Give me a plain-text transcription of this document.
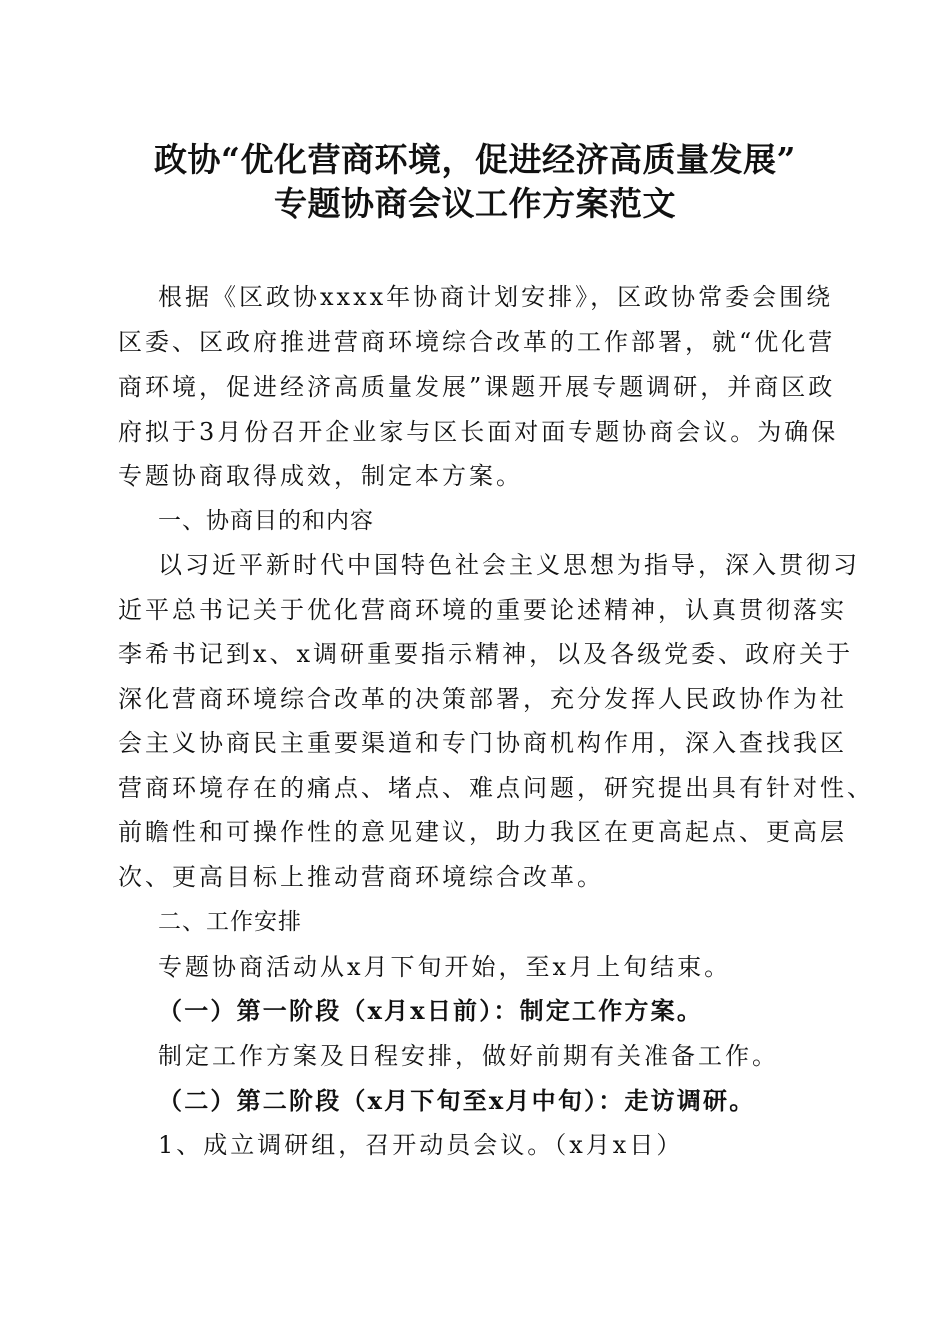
政协“优化营商环境，促进经济高质量发展”
专题协商会议工作方案范文
根据《区政协xxxx年协商计划安排》，区政协常委会围绕
区委、区政府推进营商环境综合改革的工作部署，就“优化营
商环境，促进经济高质量发展”课题开展专题调研，并商区政
府拟于3月份召开企业家与区长面对面专题协商会议。为确保
专题协商取得成效，制定本方案。
一、协商目的和内容
以习近平新时代中国特色社会主义思想为指导，深入贯彻习
近平总书记关于优化营商环境的重要论述精神，认真贯彻落实
李希书记到x、x调研重要指示精神，以及各级党委、政府关于
深化营商环境综合改革的决策部署，充分发挥人民政协作为社
会主义协商民主重要渠道和专门协商机构作用，深入查找我区
营商环境存在的痛点、堵点、难点问题，研究提出具有针对性、
前瞻性和可操作性的意见建议，助力我区在更高起点、更高层
次、更高目标上推动营商环境综合改革。
二、工作安排
专题协商活动从x月下旬开始，至x月上旬结束。
（一）第一阶段（x月x日前）：制定工作方案。
制定工作方案及日程安排，做好前期有关准备工作。
（二）第二阶段（x月下旬至x月中旬）：走访调研。
1、成立调研组，召开动员会议。（x月x日）
